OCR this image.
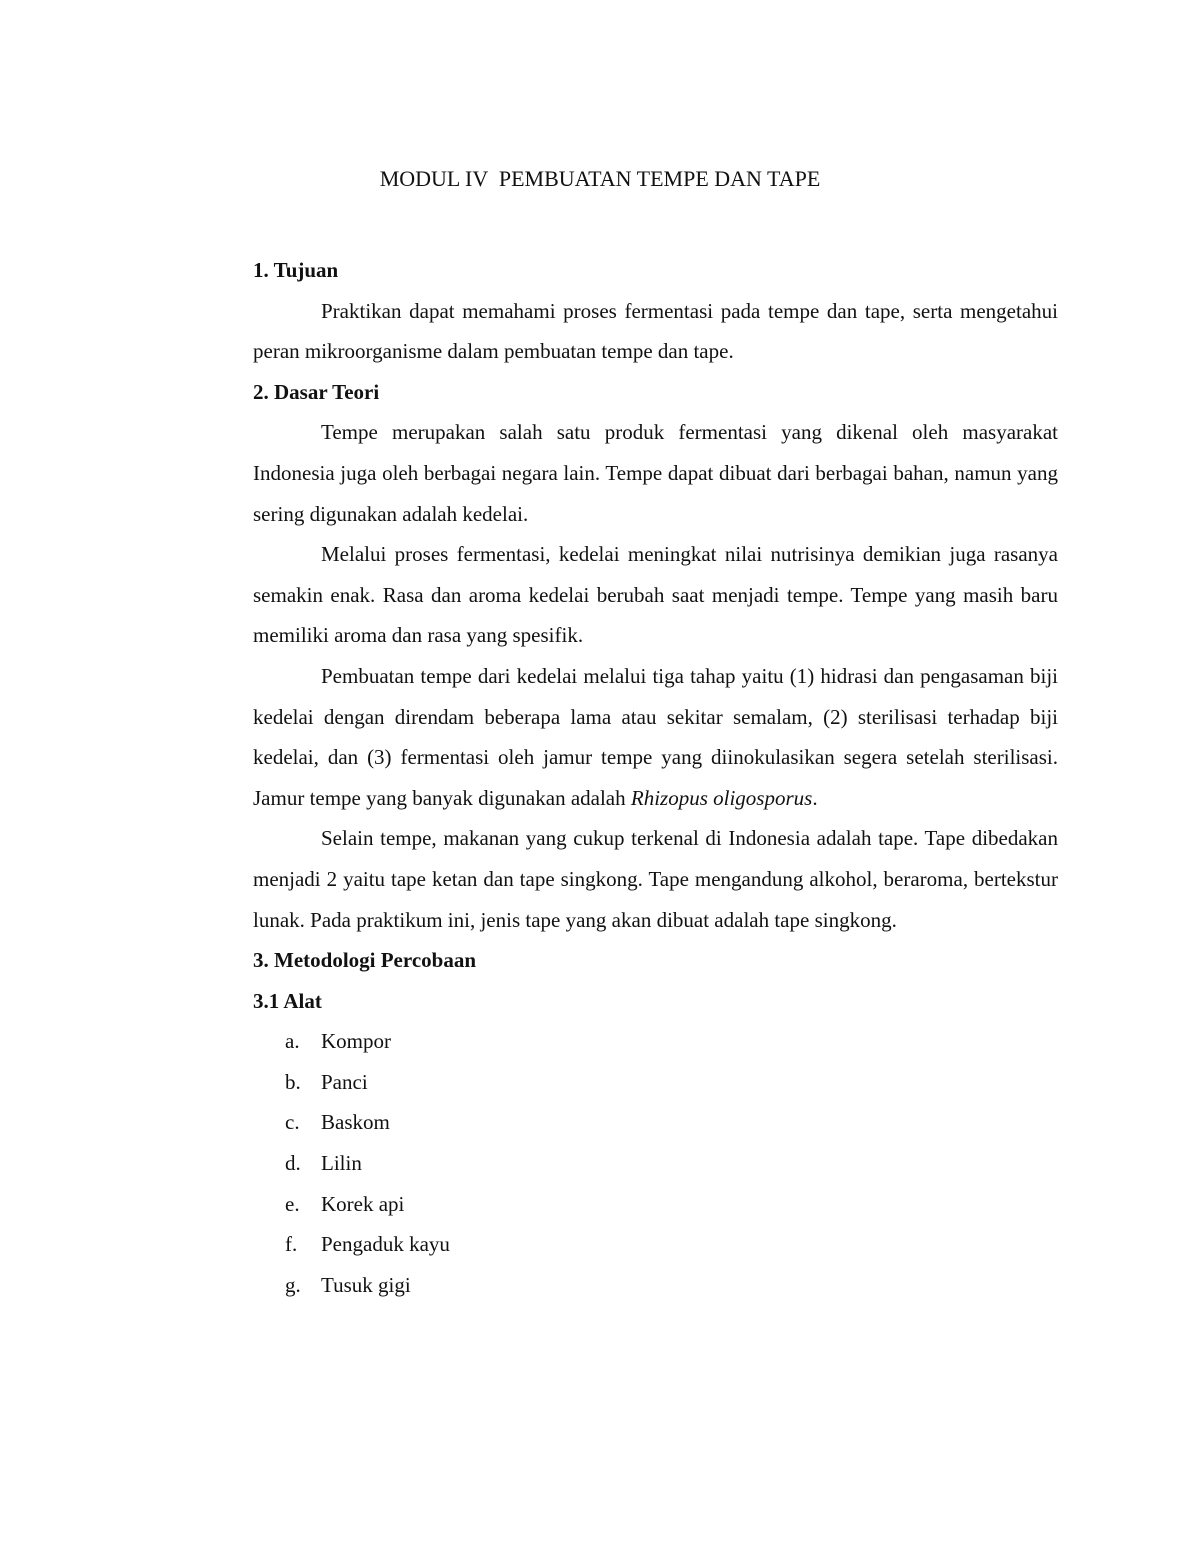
MODUL IV  PEMBUATAN TEMPE DAN TAPE

1. Tujuan

Praktikan dapat memahami proses fermentasi pada tempe dan tape, serta mengetahui peran mikroorganisme dalam pembuatan tempe dan tape.

2. Dasar Teori

Tempe merupakan salah satu produk fermentasi yang dikenal oleh masyarakat Indonesia juga oleh berbagai negara lain. Tempe dapat dibuat dari berbagai bahan, namun yang sering digunakan adalah kedelai.

Melalui proses fermentasi, kedelai meningkat nilai nutrisinya demikian juga rasanya semakin enak. Rasa dan aroma kedelai berubah saat menjadi tempe. Tempe yang masih baru memiliki aroma dan rasa yang spesifik.

Pembuatan tempe dari kedelai melalui tiga tahap yaitu (1) hidrasi dan pengasaman biji kedelai dengan direndam beberapa lama atau sekitar semalam, (2) sterilisasi terhadap biji kedelai, dan (3) fermentasi oleh jamur tempe yang diinokulasikan segera setelah sterilisasi. Jamur tempe yang banyak digunakan adalah Rhizopus oligosporus.

Selain tempe, makanan yang cukup terkenal di Indonesia adalah tape. Tape dibedakan menjadi 2 yaitu tape ketan dan tape singkong. Tape mengandung alkohol, beraroma, bertekstur lunak. Pada praktikum ini, jenis tape yang akan dibuat adalah tape singkong.

3. Metodologi Percobaan

3.1 Alat

a.	Kompor
b. Panci
c.	Baskom
d. Lilin
e.	Korek api
f.	Pengaduk kayu
g. Tusuk gigi
